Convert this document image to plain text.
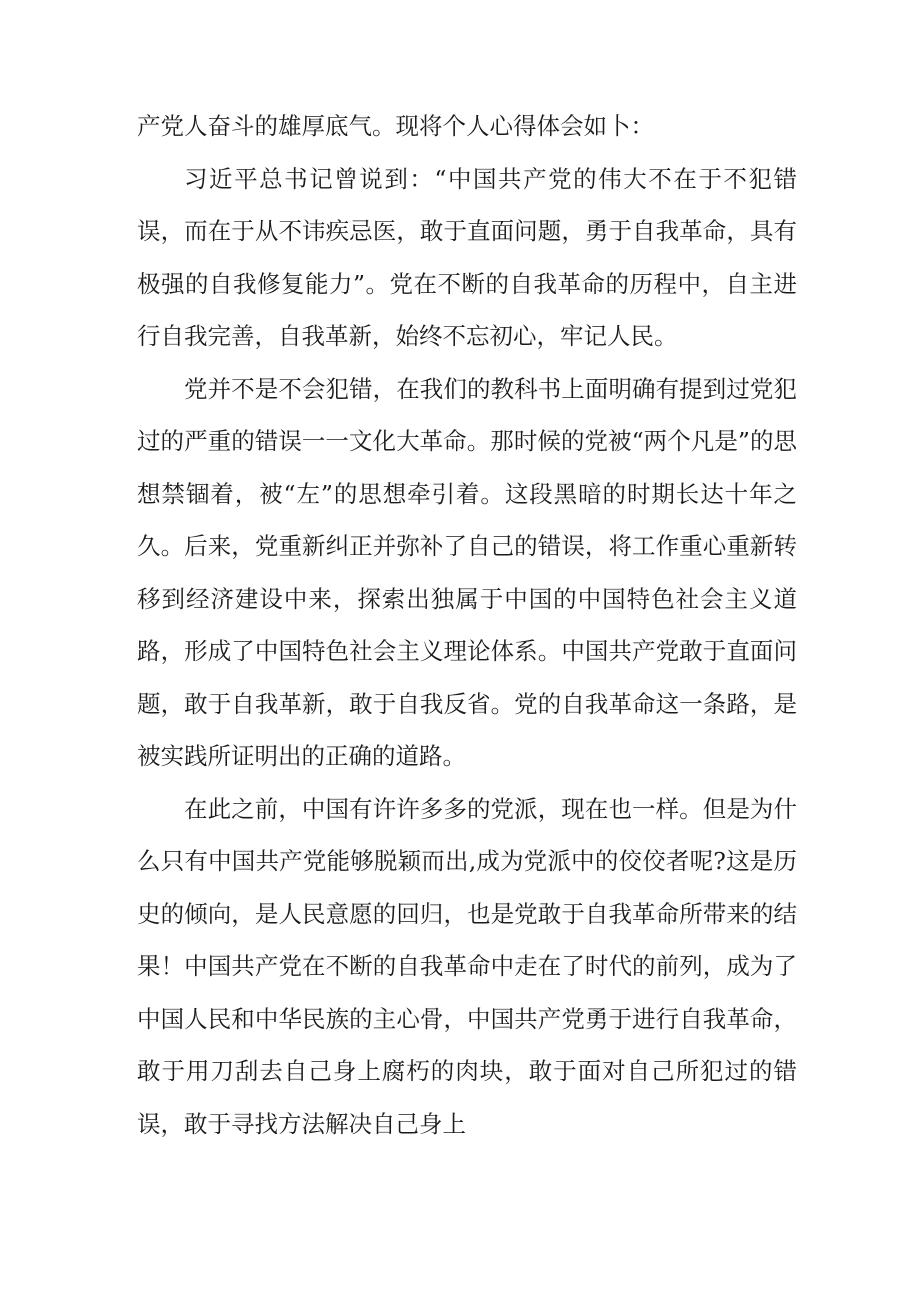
产党人奋斗的雄厚底气。现将个人心得体会如卜：

习近平总书记曾说到：“中国共产党的伟大不在于不犯错误，而在于从不讳疾忌医，敢于直面问题，勇于自我革命，具有极强的自我修复能力”。党在不断的自我革命的历程中，自主进行自我完善，自我革新，始终不忘初心，牢记人民。

党并不是不会犯错，在我们的教科书上面明确有提到过党犯过的严重的错误一一文化大革命。那时候的党被“两个凡是”的思想禁锢着，被“左”的思想牵引着。这段黑暗的时期长达十年之久。后来，党重新纠正并弥补了自己的错误，将工作重心重新转移到经济建设中来，探索出独属于中国的中国特色社会主义道路，形成了中国特色社会主义理论体系。中国共产党敢于直面问题，敢于自我革新，敢于自我反省。党的自我革命这一条路，是被实践所证明出的正确的道路。

在此之前，中国有许许多多的党派，现在也一样。但是为什么只有中国共产党能够脱颖而出,成为党派中的佼佼者呢?这是历史的倾向，是人民意愿的回归，也是党敢于自我革命所带来的结果！中国共产党在不断的自我革命中走在了时代的前列，成为了中国人民和中华民族的主心骨，中国共产党勇于进行自我革命，敢于用刀刮去自己身上腐朽的肉块，敢于面对自己所犯过的错误，敢于寻找方法解决自己身上
